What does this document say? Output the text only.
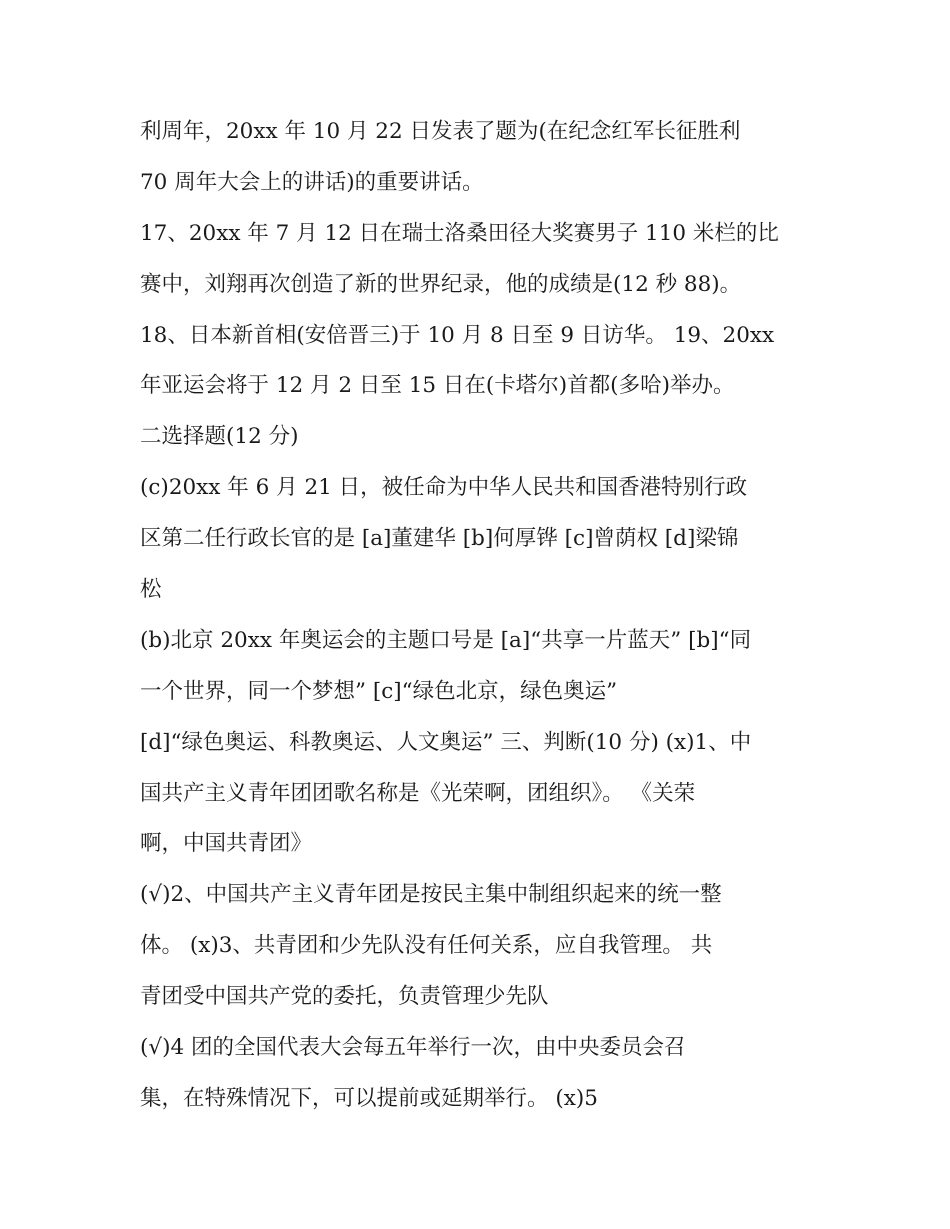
利周年，20xx 年 10 月 22 日发表了题为(在纪念红军长征胜利
70 周年大会上的讲话)的重要讲话。
17、20xx 年 7 月 12 日在瑞士洛桑田径大奖赛男子 110 米栏的比
赛中，刘翔再次创造了新的世界纪录，他的成绩是(12 秒 88)。
18、日本新首相(安倍晋三)于 10 月 8 日至 9 日访华。 19、20xx
年亚运会将于 12 月 2 日至 15 日在(卡塔尔)首都(多哈)举办。
二选择题(12 分)
(c)20xx 年 6 月 21 日，被任命为中华人民共和国香港特别行政
区第二任行政长官的是 [a]董建华 [b]何厚铧 [c]曾荫权 [d]梁锦
松
(b)北京 20xx 年奥运会的主题口号是 [a]“共享一片蓝天” [b]“同
一个世界，同一个梦想” [c]“绿色北京，绿色奥运”
[d]“绿色奥运、科教奥运、人文奥运” 三、判断(10 分) (x)1、中
国共产主义青年团团歌名称是《光荣啊，团组织》。 《关荣
啊，中国共青团》
(√)2、中国共产主义青年团是按民主集中制组织起来的统一整
体。 (x)3、共青团和少先队没有任何关系，应自我管理。 共
青团受中国共产党的委托，负责管理少先队
(√)4 团的全国代表大会每五年举行一次，由中央委员会召
集，在特殊情况下，可以提前或延期举行。 (x)5
